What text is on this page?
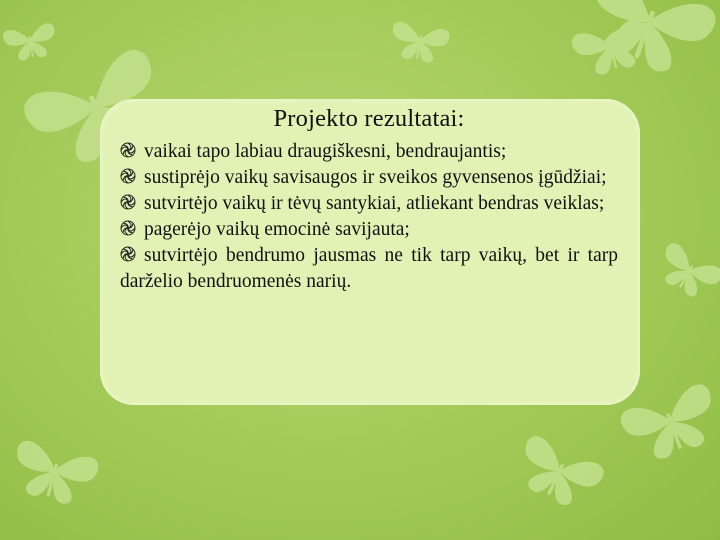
Projekto rezultatai:
vaikai tapo labiau draugiškesni, bendraujantis;
sustiprėjo vaikų savisaugos ir sveikos gyvensenos įgūdžiai;
sutvirtėjo vaikų ir tėvų santykiai, atliekant bendras veiklas;
pagerėjo vaikų emocinė savijauta;
sutvirtėjo bendrumo jausmas ne tik tarp vaikų, bet ir tarp darželio bendruomenės narių.
